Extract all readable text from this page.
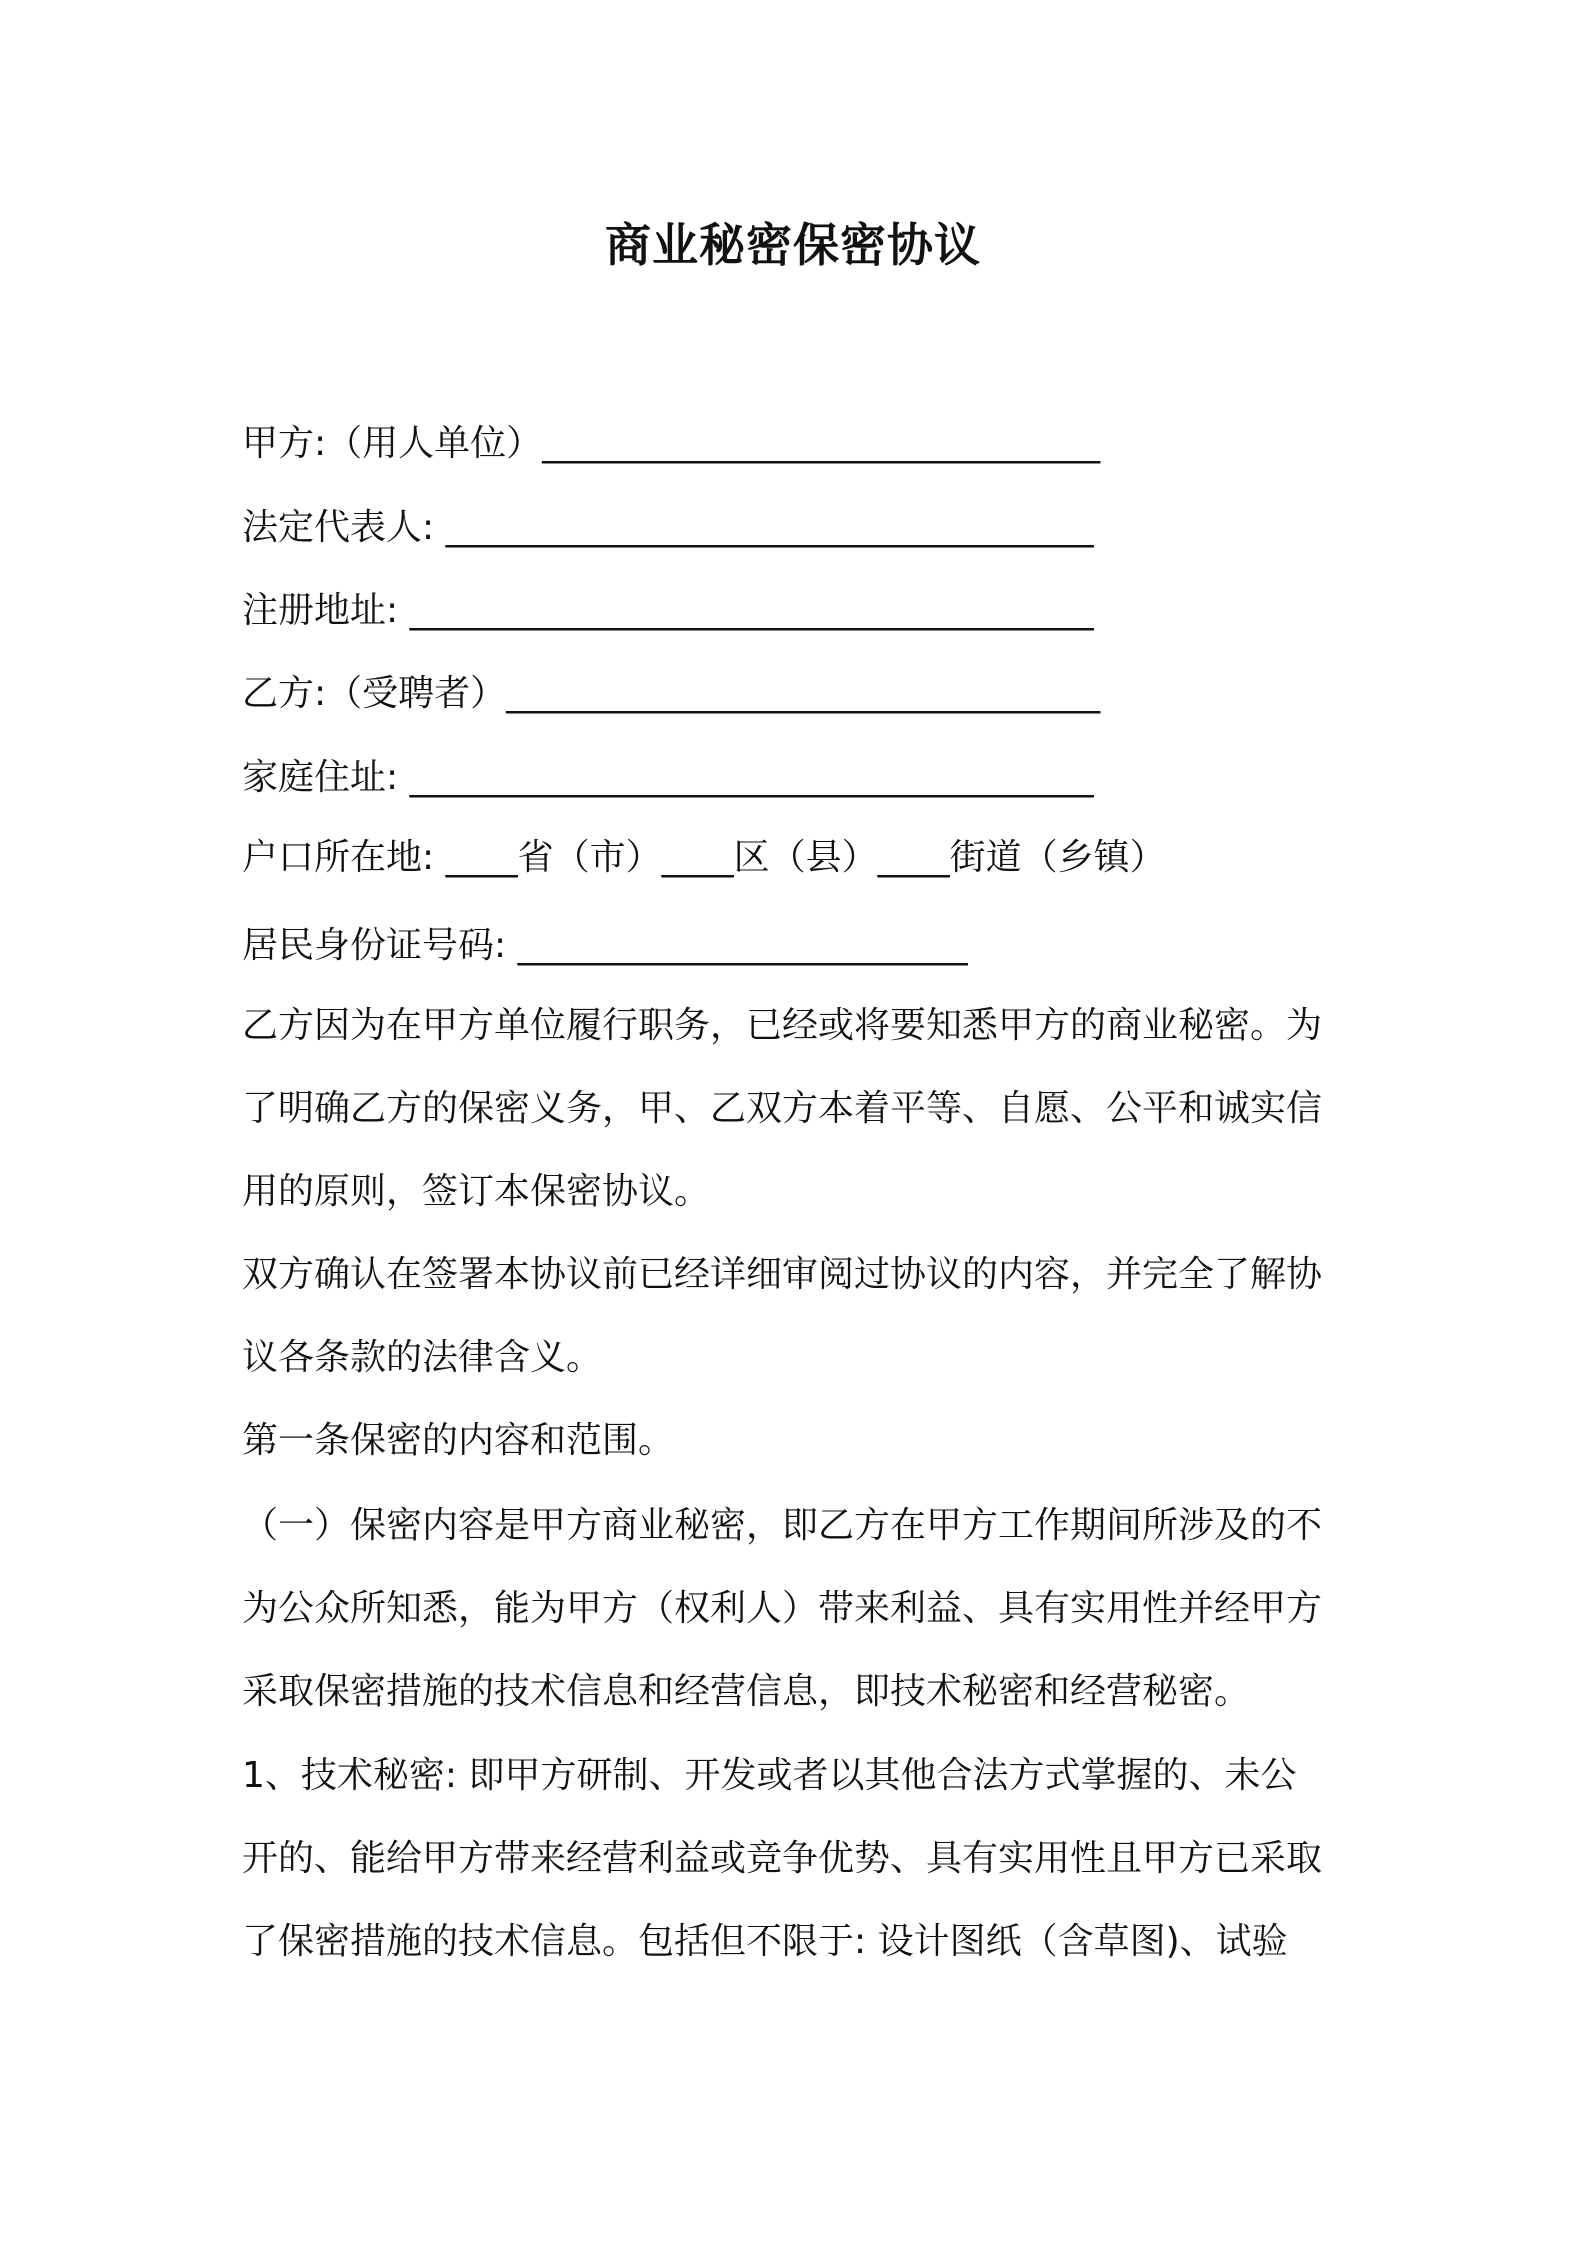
商业秘密保密协议
甲方:（用人单位）_______________________________
法定代表人: ____________________________________
注册地址: ______________________________________
乙方:（受聘者）_________________________________
家庭住址: ______________________________________
户口所在地: ____省（市）____区（县）____街道（乡镇）
居民身份证号码: _________________________
乙方因为在甲方单位履行职务，已经或将要知悉甲方的商业秘密。为
了明确乙方的保密义务，甲、乙双方本着平等、自愿、公平和诚实信
用的原则，签订本保密协议。
双方确认在签署本协议前已经详细审阅过协议的内容，并完全了解协
议各条款的法律含义。
第一条保密的内容和范围。
（一）保密内容是甲方商业秘密，即乙方在甲方工作期间所涉及的不
为公众所知悉，能为甲方（权利人）带来利益、具有实用性并经甲方
采取保密措施的技术信息和经营信息，即技术秘密和经营秘密。
1、技术秘密: 即甲方研制、开发或者以其他合法方式掌握的、未公
开的、能给甲方带来经营利益或竞争优势、具有实用性且甲方已采取
了保密措施的技术信息。包括但不限于: 设计图纸（含草图)、试验
